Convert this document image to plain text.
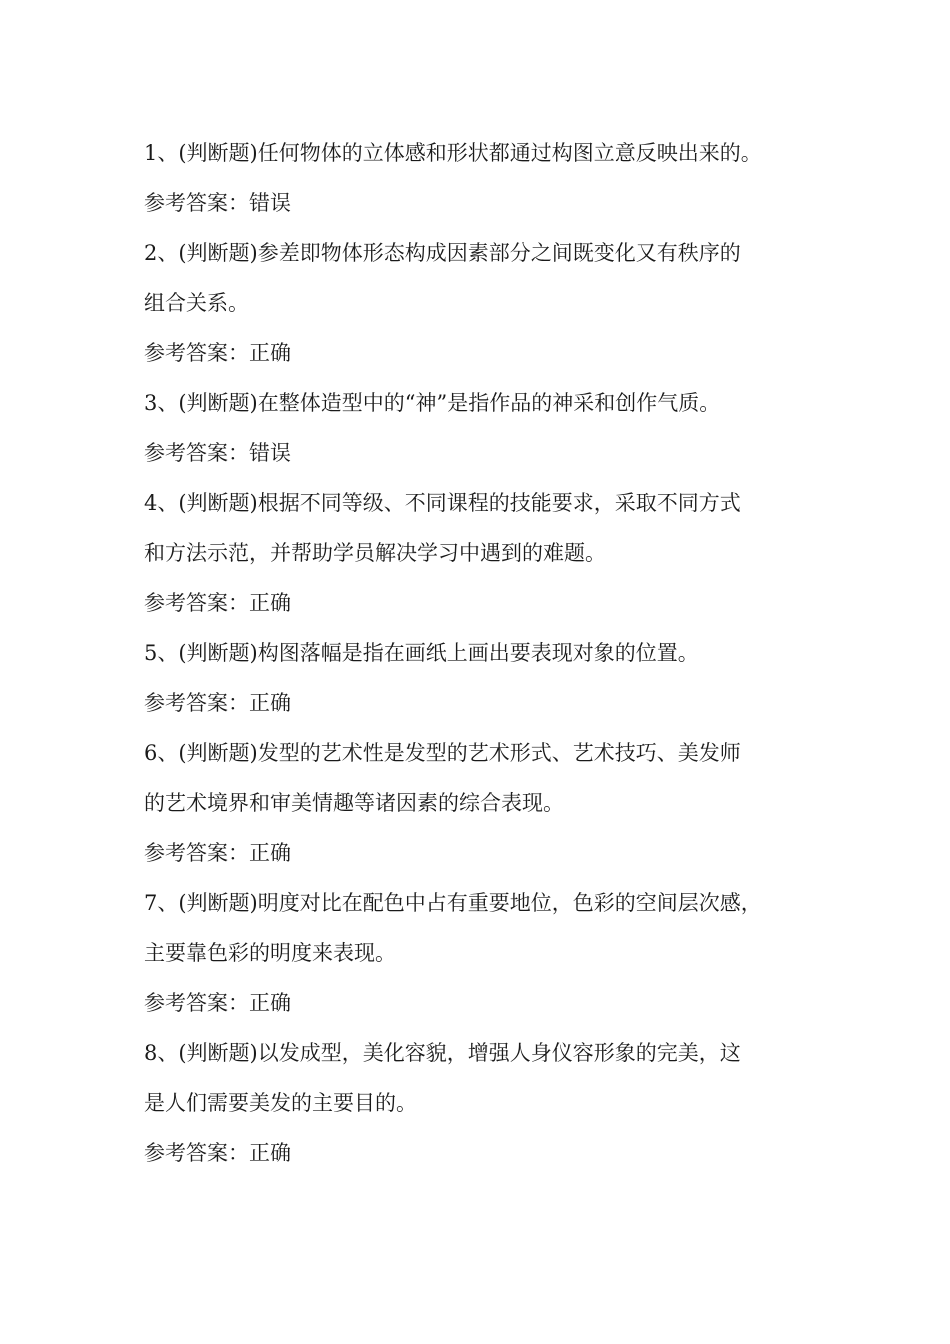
1、(判断题)任何物体的立体感和形状都通过构图立意反映出来的。
参考答案：错误
2、(判断题)参差即物体形态构成因素部分之间既变化又有秩序的
组合关系。
参考答案：正确
3、(判断题)在整体造型中的“神”是指作品的神采和创作气质。
参考答案：错误
4、(判断题)根据不同等级、不同课程的技能要求，采取不同方式
和方法示范，并帮助学员解决学习中遇到的难题。
参考答案：正确
5、(判断题)构图落幅是指在画纸上画出要表现对象的位置。
参考答案：正确
6、(判断题)发型的艺术性是发型的艺术形式、艺术技巧、美发师
的艺术境界和审美情趣等诸因素的综合表现。
参考答案：正确
7、(判断题)明度对比在配色中占有重要地位，色彩的空间层次感，
主要靠色彩的明度来表现。
参考答案：正确
8、(判断题)以发成型，美化容貌，增强人身仪容形象的完美，这
是人们需要美发的主要目的。
参考答案：正确
